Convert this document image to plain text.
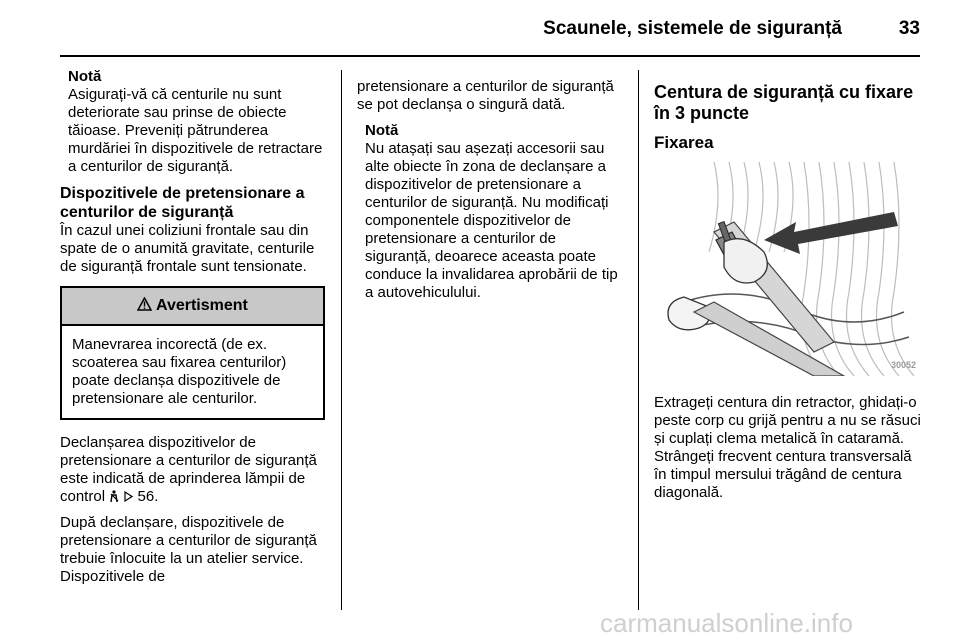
Scaunele, sistemele de siguranță	33
Notă

Asigurați-vă că centurile nu sunt deteriorate sau prinse de obiecte tăioase. Preveniți pătrunderea murdăriei în dispozitivele de retractare a centurilor de siguranță.

Dispozitivele de pretensionare a centurilor de siguranță

În cazul unei coliziuni frontale sau din spate de o anumită gravitate, centurile de siguranță frontale sunt tensionate.

Avertisment
Manevrarea incorectă (de ex. scoaterea sau fixarea centurilor) poate declanșa dispozitivele de pretensionare ale centurilor.

Declanșarea dispozitivelor de pretensionare a centurilor de siguranță este indicată de aprinderea lămpii de control 56.

După declanșare, dispozitivele de pretensionare a centurilor de siguranță trebuie înlocuite la un atelier service. Dispozitivele de

pretensionare a centurilor de siguranță se pot declanșa o singură dată.

Notă

Nu atașați sau așezați accesorii sau alte obiecte în zona de declanșare a dispozitivelor de pretensionare a centurilor de siguranță. Nu modificați componentele dispozitivelor de pretensionare a centurilor de siguranță, deoarece aceasta poate conduce la invalidarea aprobării de tip a autovehiculului.

Centura de siguranță cu fixare în 3 puncte
Fixarea
30052

Extrageți centura din retractor, ghidați-o peste corp cu grijă pentru a nu se răsuci și cuplați clema metalică în cataramă. Strângeți frecvent centura transversală în timpul mersului trăgând de centura diagonală.

carmanualsonline.info
